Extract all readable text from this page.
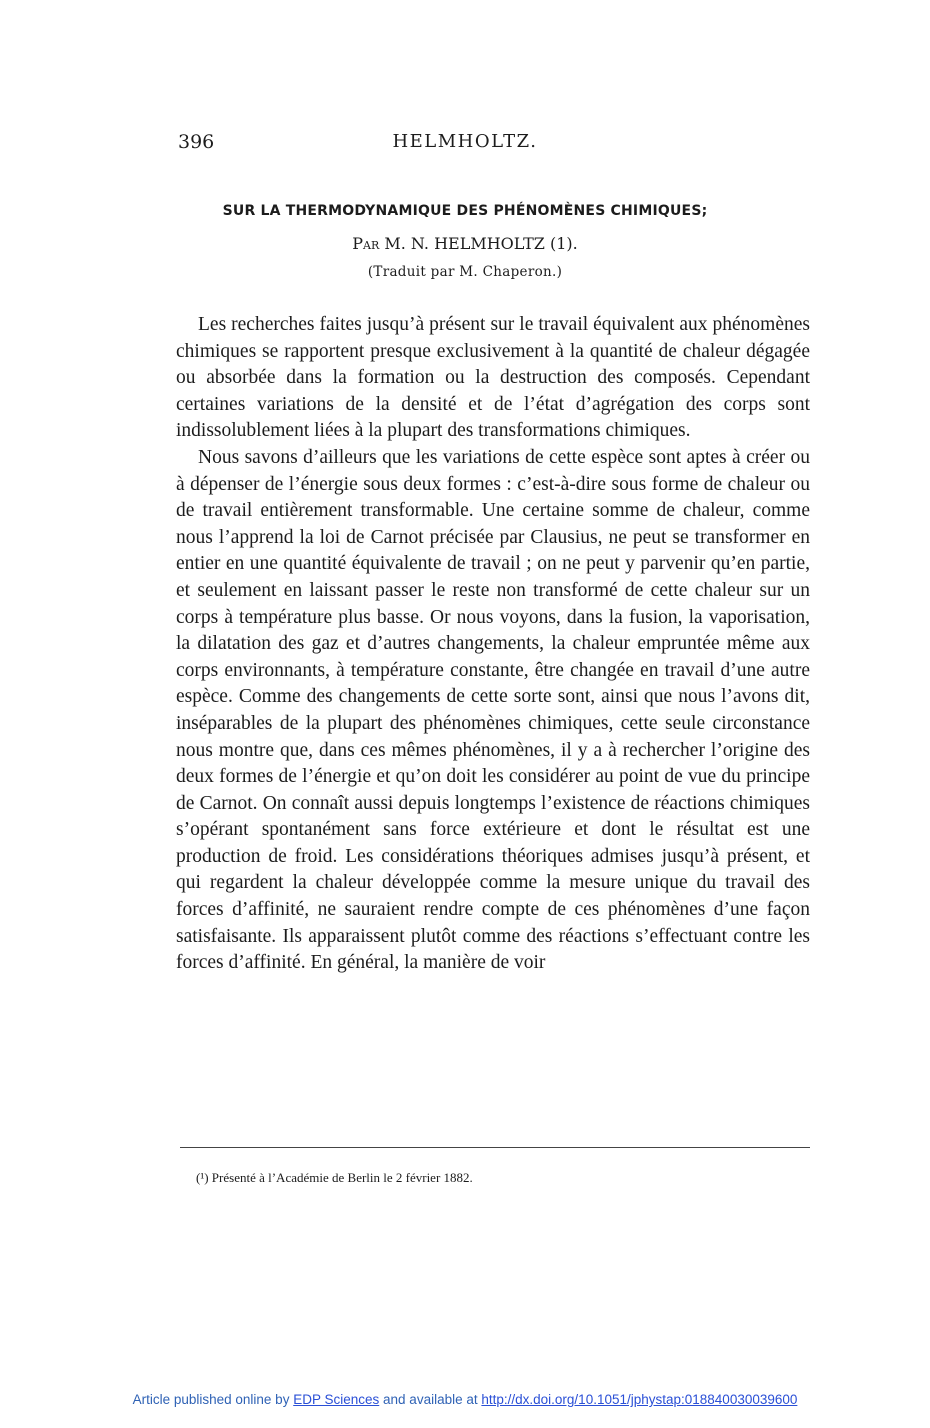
396	HELMHOLTZ.
SUR LA THERMODYNAMIQUE DES PHÉNOMÈNES CHIMIQUES;
Par M. N. HELMHOLTZ (1).
(Traduit par M. Chaperon.)

Les recherches faites jusqu’à présent sur le travail équivalent aux phénomènes chimiques se rapportent presque exclusivement à la quantité de chaleur dégagée ou absorbée dans la formation ou la destruction des composés. Cependant certaines variations de la densité et de l’état d’agrégation des corps sont indissolublement liées à la plupart des transformations chimiques.

Nous savons d’ailleurs que les variations de cette espèce sont aptes à créer ou à dépenser de l’énergie sous deux formes : c’est-à-dire sous forme de chaleur ou de travail entièrement transformable. Une certaine somme de chaleur, comme nous l’apprend la loi de Carnot précisée par Clausius, ne peut se transformer en entier en une quantité équivalente de travail ; on ne peut y parvenir qu’en partie, et seulement en laissant passer le reste non transformé de cette chaleur sur un corps à température plus basse. Or nous voyons, dans la fusion, la vaporisation, la dilatation des gaz et d’autres changements, la chaleur empruntée même aux corps environnants, à température constante, être changée en travail d’une autre espèce. Comme des changements de cette sorte sont, ainsi que nous l’avons dit, inséparables de la plupart des phénomènes chimiques, cette seule circonstance nous montre que, dans ces mêmes phénomènes, il y a à rechercher l’origine des deux formes de l’énergie et qu’on doit les considérer au point de vue du principe de Carnot. On connaît aussi depuis longtemps l’existence de réactions chimiques s’opérant spontanément sans force extérieure et dont le résultat est une production de froid. Les considérations théoriques admises jusqu’à présent, et qui regardent la chaleur développée comme la mesure unique du travail des forces d’affinité, ne sauraient rendre compte de ces phénomènes d’une façon satisfaisante. Ils apparaissent plutôt comme des réactions s’effectuant contre les forces d’affinité. En général, la manière de voir

(¹) Présenté à l’Académie de Berlin le 2 février 1882.
Article published online by EDP Sciences and available at http://dx.doi.org/10.1051/jphystap:018840030039600
